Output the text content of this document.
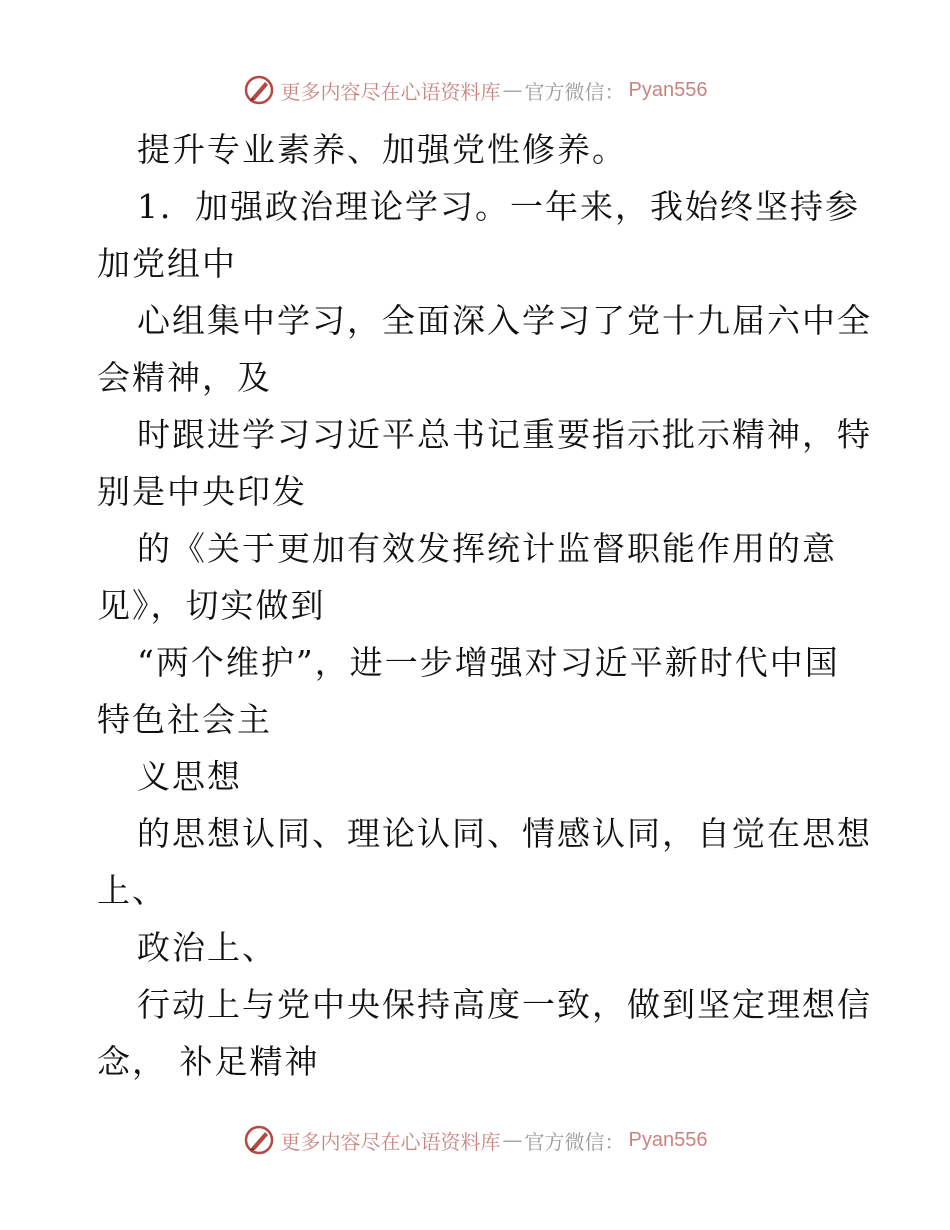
更多内容尽在心语资料库 — 官方微信： Pyan556
提升专业素养、加强党性修养。
1．加强政治理论学习。一年来，我始终坚持参
加党组中
心组集中学习，全面深入学习了党十九届六中全
会精神，及
时跟进学习习近平总书记重要指示批示精神，特
别是中央印发
的《关于更加有效发挥统计监督职能作用的意
见》，切实做到
“两个维护”，进一步增强对习近平新时代中国
特色社会主
义思想
的思想认同、理论认同、情感认同，自觉在思想
上、
政治上、
行动上与党中央保持高度一致，做到坚定理想信
念， 补足精神
更多内容尽在心语资料库 — 官方微信： Pyan556
